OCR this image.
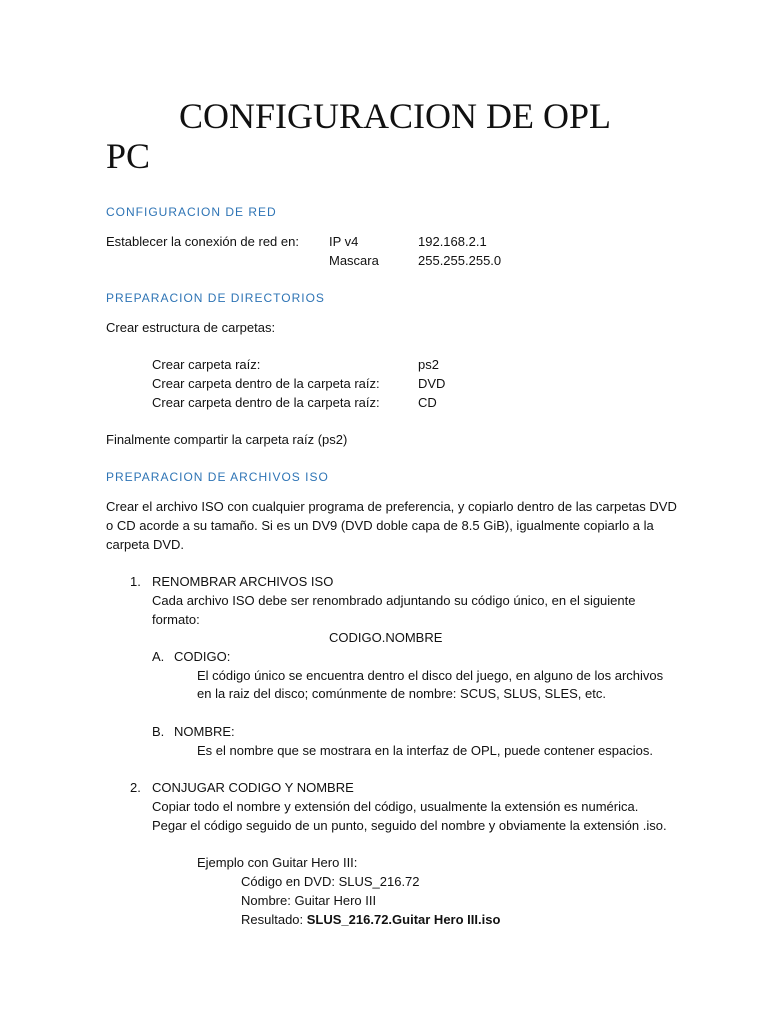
CONFIGURACION DE OPL
PC
CONFIGURACION DE RED
Establecer la conexión de red en: IP v4	192.168.2.1
Mascara	255.255.255.0
PREPARACION DE DIRECTORIOS
Crear estructura de carpetas:
Crear carpeta raíz:	ps2
Crear carpeta dentro de la carpeta raíz:	DVD
Crear carpeta dentro de la carpeta raíz:	CD
Finalmente compartir la carpeta raíz (ps2)
PREPARACION DE ARCHIVOS ISO
Crear el archivo ISO con cualquier programa de preferencia, y copiarlo dentro de las carpetas DVD
o CD acorde a su tamaño. Si es un DV9 (DVD doble capa de 8.5 GiB), igualmente copiarlo a la
carpeta DVD.
1. RENOMBRAR ARCHIVOS ISO
Cada archivo ISO debe ser renombrado adjuntando su código único, en el siguiente
formato:
CODIGO.NOMBRE
A. CODIGO:
El código único se encuentra dentro el disco del juego, en alguno de los archivos
en la raiz del disco; comúnmente de nombre: SCUS, SLUS, SLES, etc.
B. NOMBRE:
Es el nombre que se mostrara en la interfaz de OPL, puede contener espacios.
2. CONJUGAR CODIGO Y NOMBRE
Copiar todo el nombre y extensión del código, usualmente la extensión es numérica.
Pegar el código seguido de un punto, seguido del nombre y obviamente la extensión .iso.
Ejemplo con Guitar Hero III:
Código en DVD: SLUS_216.72
Nombre: Guitar Hero III
Resultado: SLUS_216.72.Guitar Hero III.iso
